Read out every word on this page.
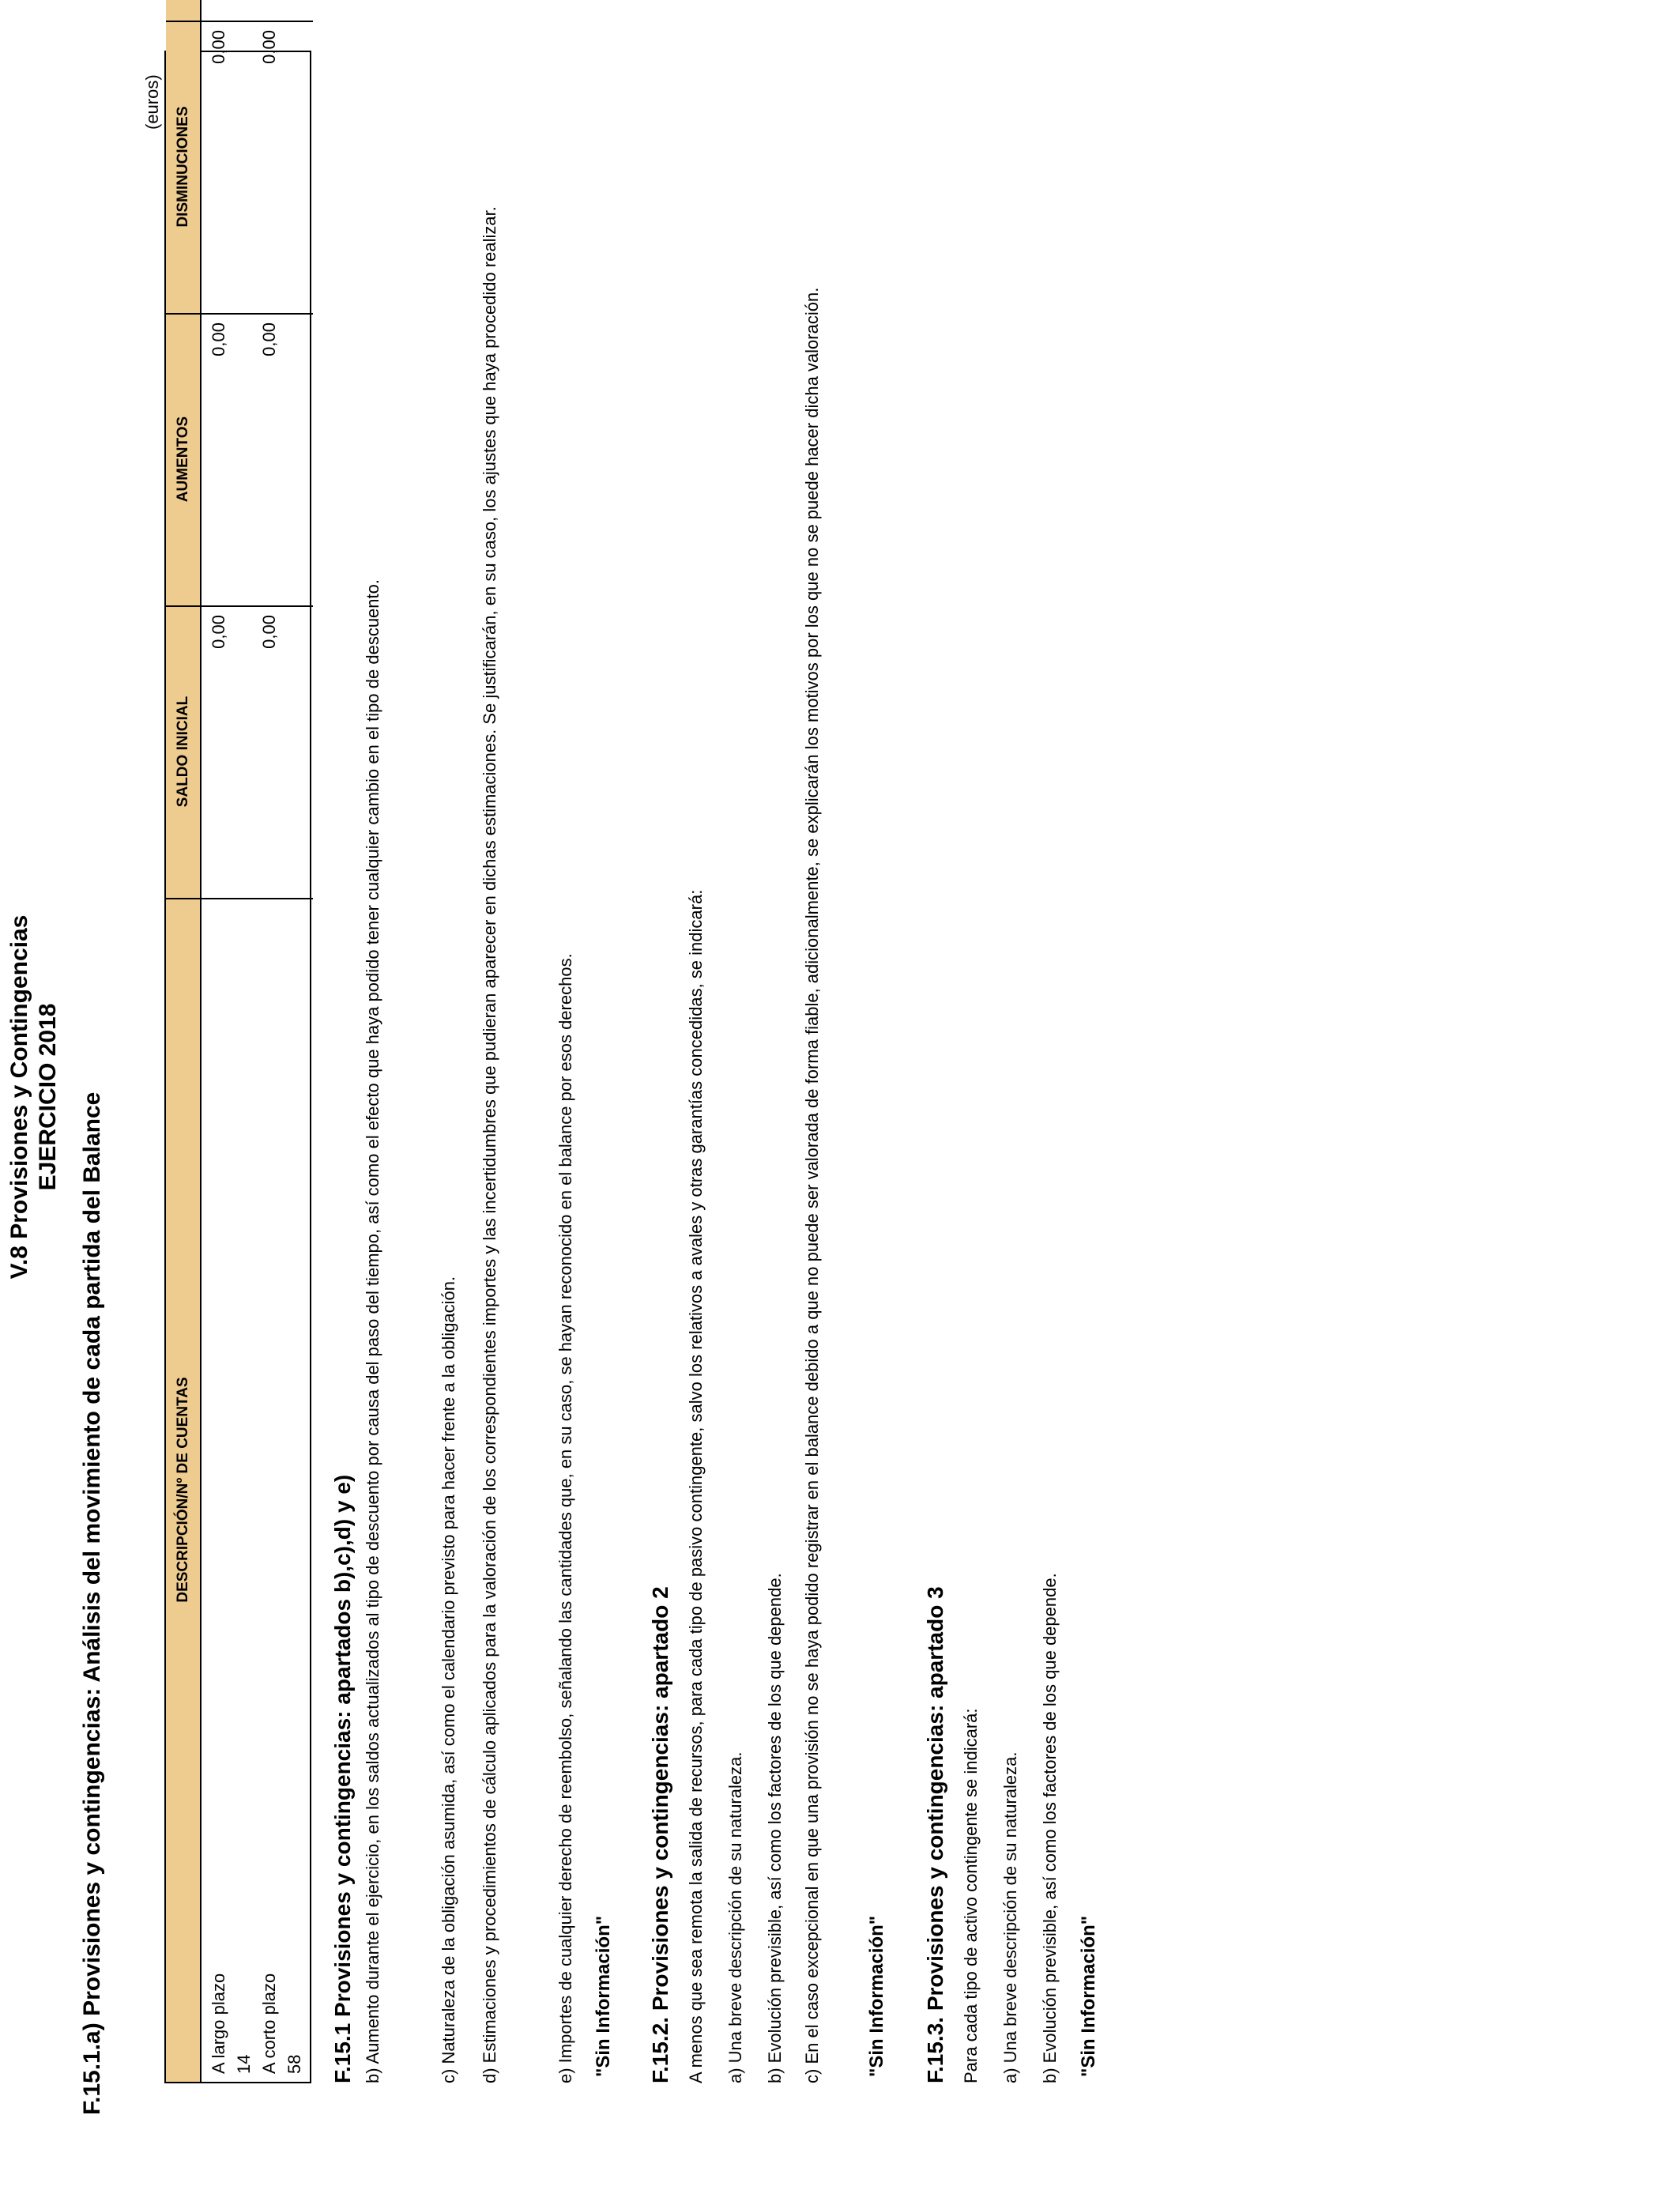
V.8 Provisiones y Contingencias EJERCICIO 2018 F.15.1.a) Provisiones y contingencias: Análisis del movimiento de cada partida del Balance
(euros)
DESCRIPCIÓN/Nº DE CUENTAS
SALDO INICIAL
AUMENTOS
DISMINUCIONES
A largo plazo 14
0,00
0,00
0,00
A corto plazo 58
0,00
0,00
0,00
F.15.1 Provisiones y contingencias: apartados b),c),d) y e) b) Aumento durante el ejercicio, en los saldos actualizados al tipo de descuento por causa del paso del tiempo, así como el efecto que haya podido tener cualquier cambio en el tipo de descuento.	c) Naturaleza de la obligación asumida, así como el calendario previsto para hacer frente a la obligación. d) Estimaciones y procedimientos de cálculo aplicados para la valoración de los correspondientes importes y las incertidumbres que pudieran aparecer en dichas estimaciones. Se justificarán, en su caso, los ajustes que haya procedido realizar.	e) Importes de cualquier derecho de reembolso, señalando las cantidades que, en su caso, se hayan reconocido en el balance por esos derechos. "Sin Información" F.15.2. Provisiones y contingencias: apartado 2 A menos que sea remota la salida de recursos, para cada tipo de pasivo contingente, salvo los relativos a avales y otras garantías concedidas, se indicará: a) Una breve descripción de su naturaleza. b) Evolución previsible, así como los factores de los que depende. c) En el caso excepcional en que una provisión no se haya podido registrar en el balance debido a que no puede ser valorada de forma fiable, adicionalmente, se explicarán los motivos por los que no se puede hacer dicha valoración. "Sin Información" F.15.3. Provisiones y contingencias: apartado 3 Para cada tipo de activo contingente se indicará: a) Una breve descripción de su naturaleza. b) Evolución previsible, así como los factores de los que depende. "Sin Información"
